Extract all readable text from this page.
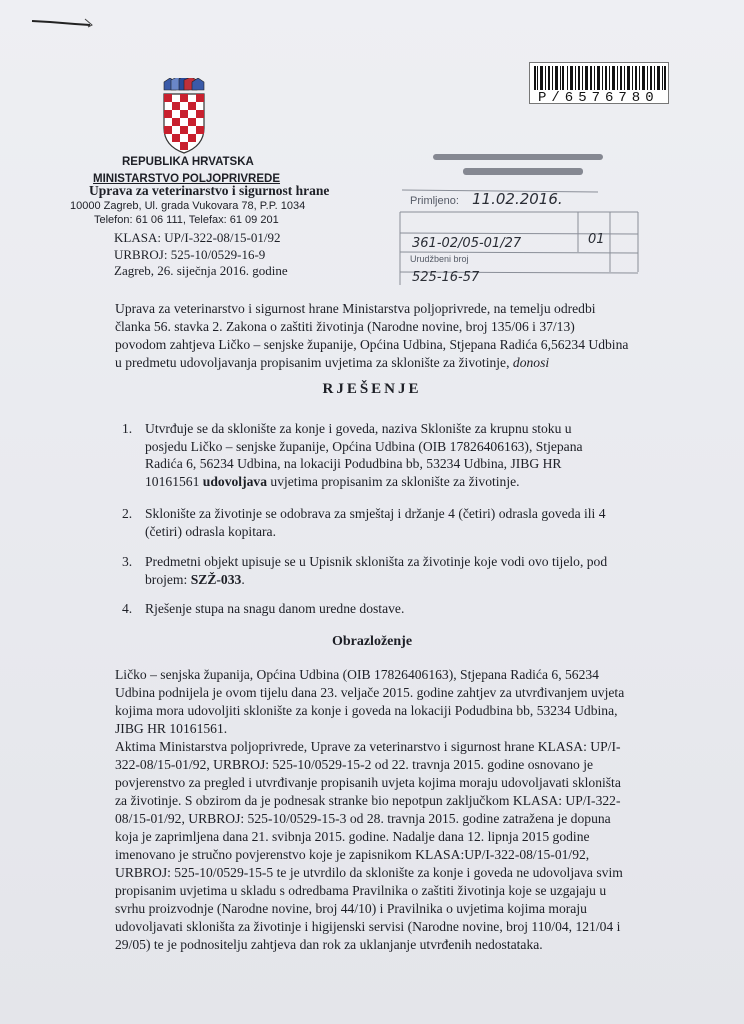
P/6576780
REPUBLIKA HRVATSKA
MINISTARSTVO POLJOPRIVREDE
Uprava za veterinarstvo i sigurnost hrane
10000 Zagreb, Ul. grada Vukovara 78, P.P. 1034
Telefon: 61 06 111, Telefax: 61 09 201
KLASA: UP/I-322-08/15-01/92
URBROJ: 525-10/0529-16-9
Zagreb, 26. siječnja 2016. godine
Primljeno: 11.02.2016.
361-02/05-01/27	01
Urudžbeni broj
525-16-57
Uprava za veterinarstvo i sigurnost hrane Ministarstva poljoprivrede, na temelju odredbi
članka 56. stavka 2. Zakona o zaštiti životinja (Narodne novine, broj 135/06 i 37/13)
povodom zahtjeva Ličko – senjske županije, Općina Udbina, Stjepana Radića 6,56234 Udbina
u predmetu udovoljavanja propisanim uvjetima za sklonište za životinje, donosi
RJEŠENJE
1. Utvrđuje se da sklonište za konje i goveda, naziva Sklonište za krupnu stoku u
posjedu Ličko – senjske županije, Općina Udbina (OIB 17826406163), Stjepana
Radića 6, 56234 Udbina, na lokaciji Podudbina bb, 53234 Udbina, JIBG HR
10161561 udovoljava uvjetima propisanim za sklonište za životinje.
2. Sklonište za životinje se odobrava za smještaj i držanje 4 (četiri) odrasla goveda ili 4
(četiri) odrasla kopitara.
3. Predmetni objekt upisuje se u Upisnik skloništa za životinje koje vodi ovo tijelo, pod
brojem: SZŽ-033.
4. Rješenje stupa na snagu danom uredne dostave.
Obrazloženje
Ličko – senjska županija, Općina Udbina (OIB 17826406163), Stjepana Radića 6, 56234
Udbina podnijela je ovom tijelu dana 23. veljače 2015. godine zahtjev za utvrđivanjem uvjeta
kojima mora udovoljiti sklonište za konje i goveda na lokaciji Podudbina bb, 53234 Udbina,
JIBG HR 10161561.
Aktima Ministarstva poljoprivrede, Uprave za veterinarstvo i sigurnost hrane KLASA: UP/I-
322-08/15-01/92, URBROJ: 525-10/0529-15-2 od 22. travnja 2015. godine osnovano je
povjerenstvo za pregled i utvrđivanje propisanih uvjeta kojima moraju udovoljavati skloništa
za životinje. S obzirom da je podnesak stranke bio nepotpun zaključkom KLASA: UP/I-322-
08/15-01/92, URBROJ: 525-10/0529-15-3 od 28. travnja 2015. godine zatražena je dopuna
koja je zaprimljena dana 21. svibnja 2015. godine. Nadalje dana 12. lipnja 2015 godine
imenovano je stručno povjerenstvo koje je zapisnikom KLASA:UP/I-322-08/15-01/92,
URBROJ: 525-10/0529-15-5 te je utvrdilo da sklonište za konje i goveda ne udovoljava svim
propisanim uvjetima u skladu s odredbama Pravilnika o zaštiti životinja koje se uzgajaju u
svrhu proizvodnje (Narodne novine, broj 44/10) i Pravilnika o uvjetima kojima moraju
udovoljavati skloništa za životinje i higijenski servisi (Narodne novine, broj 110/04, 121/04 i
29/05) te je podnositelju zahtjeva dan rok za uklanjanje utvrđenih nedostataka.
